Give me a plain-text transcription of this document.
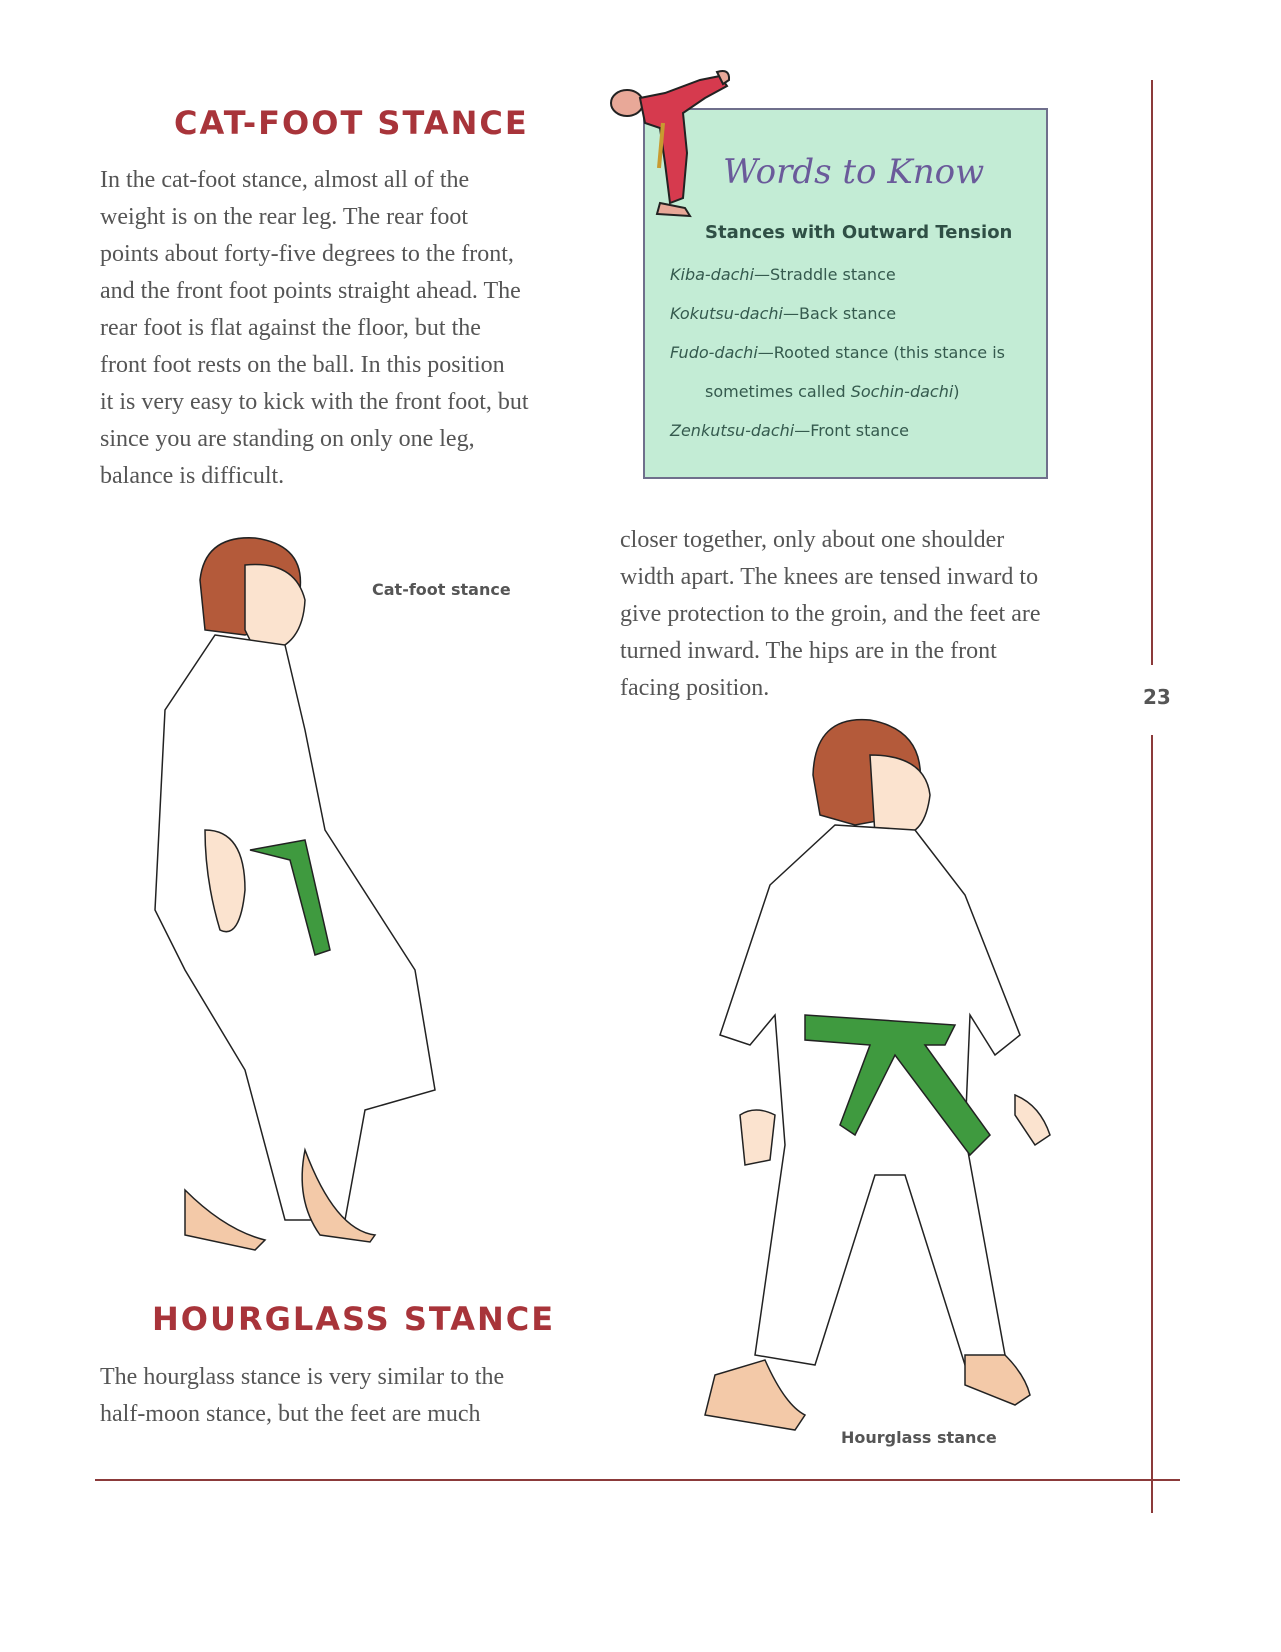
CAT-FOOT STANCE
In the cat-foot stance, almost all of the
weight is on the rear leg. The rear foot
points about forty-five degrees to the front,
and the front foot points straight ahead. The
rear foot is flat against the floor, but the
front foot rests on the ball. In this position
it is very easy to kick with the front foot, but
since you are standing on only one leg,
balance is difficult.
Words to Know
Stances with Outward Tension
Kiba-dachi—Straddle stance
Kokutsu-dachi—Back stance
Fudo-dachi—Rooted stance (this stance is
sometimes called Sochin-dachi)
Zenkutsu-dachi—Front stance
closer together, only about one shoulder
width apart. The knees are tensed inward to
give protection to the groin, and the feet are
turned inward. The hips are in the front
facing position.
Cat-foot stance
Hourglass stance
HOURGLASS STANCE
The hourglass stance is very similar to the
half-moon stance, but the feet are much
23
